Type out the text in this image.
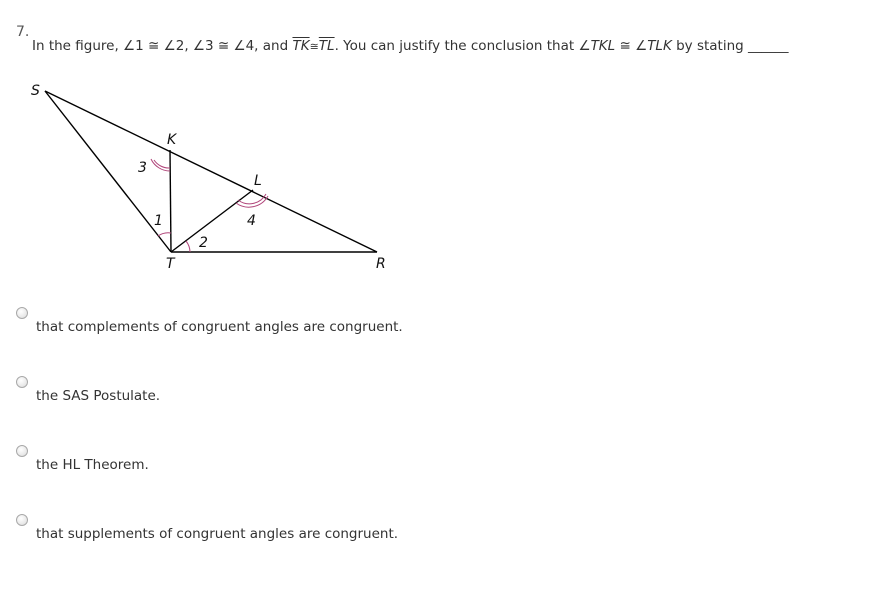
7.
In the figure, ∠1 ≅ ∠2, ∠3 ≅ ∠4, and $\overline{TK}≅\overline{TL}$. You can justify the conclusion that ∠TKL ≅ ∠TLK by stating ______
S
K
L
T	R
3
4
1
2
that complements of congruent angles are congruent.
the SAS Postulate.
the HL Theorem.
that supplements of congruent angles are congruent.
